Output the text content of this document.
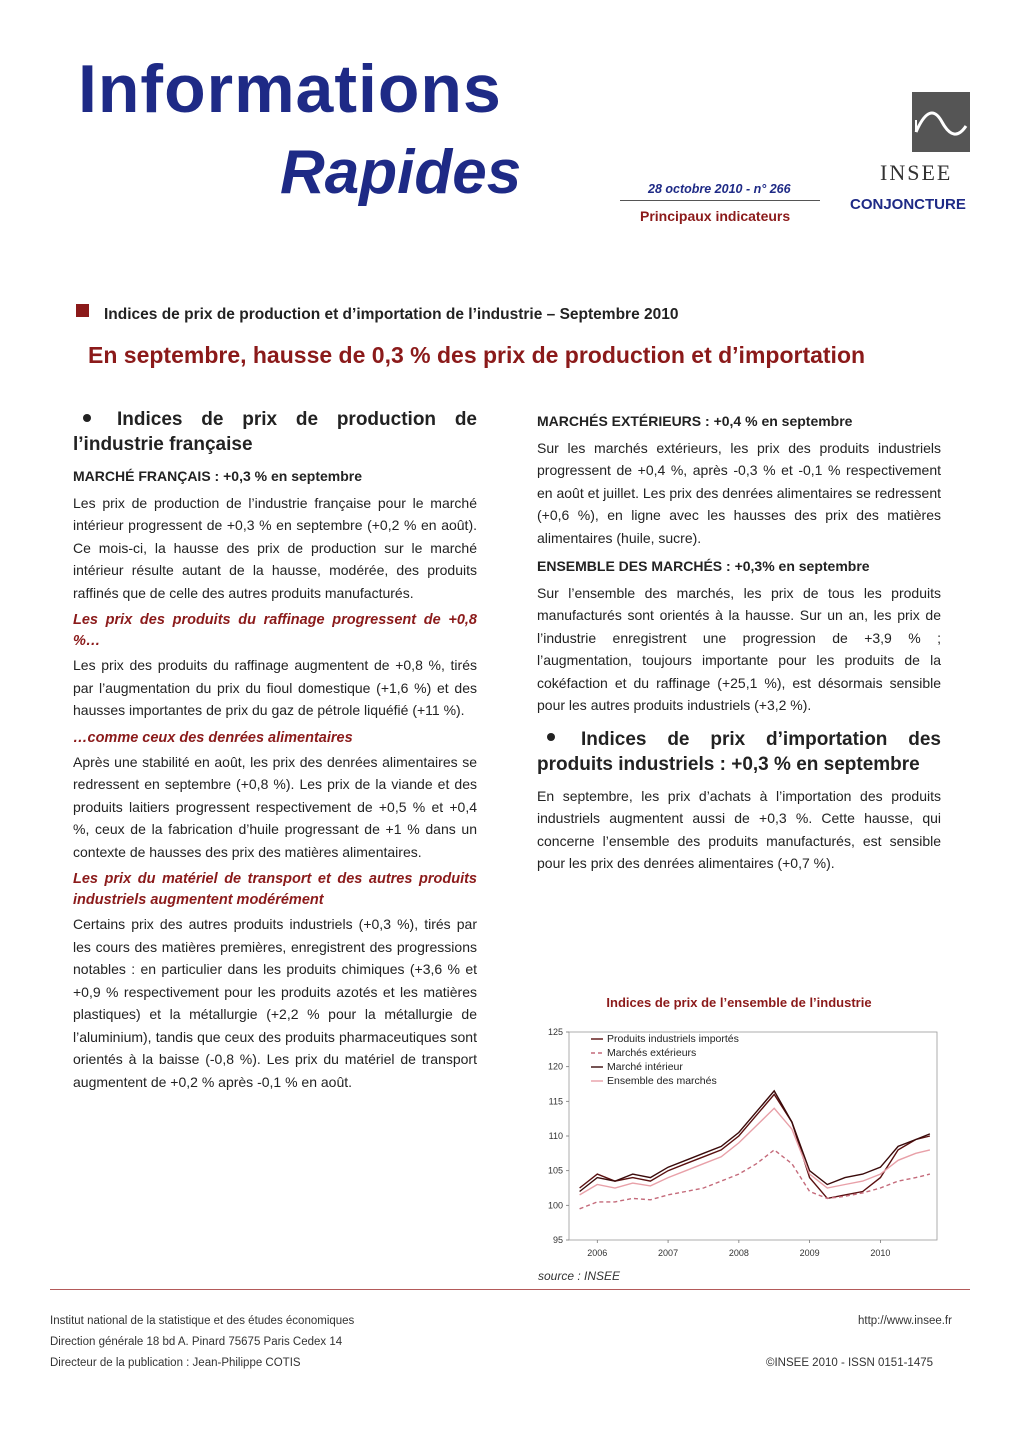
Informations
Rapides	28 octobre 2010 - n° 266
Principaux indicateurs
INSEE
CONJONCTURE
Indices de prix de production et d’importation de l’industrie – Septembre 2010
En septembre, hausse de 0,3 % des prix de production et d’importation
Indices de prix de production de l’industrie française
MARCHÉ FRANÇAIS : +0,3 % en septembre

Les prix de production de l’industrie française pour le marché intérieur progressent de +0,3 % en septembre (+0,2 % en août). Ce mois-ci, la hausse des prix de production sur le marché intérieur résulte autant de la hausse, modérée, des produits raffinés que de celle des autres produits manufacturés.

Les prix des produits du raffinage progressent de +0,8 %…

Les prix des produits du raffinage augmentent de +0,8 %, tirés par l’augmentation du prix du fioul domestique (+1,6 %) et des hausses importantes de prix du gaz de pétrole liquéfié (+11 %).

…comme ceux des denrées alimentaires

Après une stabilité en août, les prix des denrées alimentaires se redressent en septembre (+0,8 %). Les prix de la viande et des produits laitiers progressent respectivement de +0,5 % et +0,4 %, ceux de la fabrication d’huile progressant de +1 % dans un contexte de hausses des prix des matières alimentaires.

Les prix du matériel de transport et des autres produits industriels augmentent modérément

Certains prix des autres produits industriels (+0,3 %), tirés par les cours des matières premières, enregistrent des progressions notables : en particulier dans les produits chimiques (+3,6 % et +0,9 % respectivement pour les produits azotés et les matières plastiques) et la métallurgie (+2,2 % pour la métallurgie de l’aluminium), tandis que ceux des produits pharmaceutiques sont orientés à la baisse (-0,8 %). Les prix du matériel de transport augmentent de +0,2 % après -0,1 % en août.

MARCHÉS EXTÉRIEURS : +0,4 % en septembre

Sur les marchés extérieurs, les prix des produits industriels progressent de +0,4 %, après -0,3 % et -0,1 % respectivement en août et juillet. Les prix des denrées alimentaires se redressent (+0,6 %), en ligne avec les hausses des prix des matières alimentaires (huile, sucre).

ENSEMBLE DES MARCHÉS : +0,3% en septembre

Sur l’ensemble des marchés, les prix de tous les produits manufacturés sont orientés à la hausse. Sur un an, les prix de l’industrie enregistrent une progression de +3,9 % ; l’augmentation, toujours importante pour les produits de la cokéfaction et du raffinage (+25,1 %), est désormais sensible pour les autres produits industriels (+3,2 %).

Indices de prix d’importation des produits industriels : +0,3 % en septembre

En septembre, les prix d’achats à l’importation des produits industriels augmentent aussi de +0,3 %. Cette hausse, qui concerne l’ensemble des produits manufacturés, est sensible pour les prix des denrées alimentaires (+0,7 %).

Indices de prix de l’ensemble de l’industrie
95
100
105
110
115
120
125
2006	2007	2008	2009	2010
Produits industriels importés
Marchés extérieurs
Marché intérieur
Ensemble des marchés
source : INSEE
Institut national de la statistique et des études économiques
Direction générale 18 bd A. Pinard 75675 Paris Cedex 14
Directeur de la publication : Jean-Philippe COTIS
http://www.insee.fr
©INSEE 2010 - ISSN 0151-1475
